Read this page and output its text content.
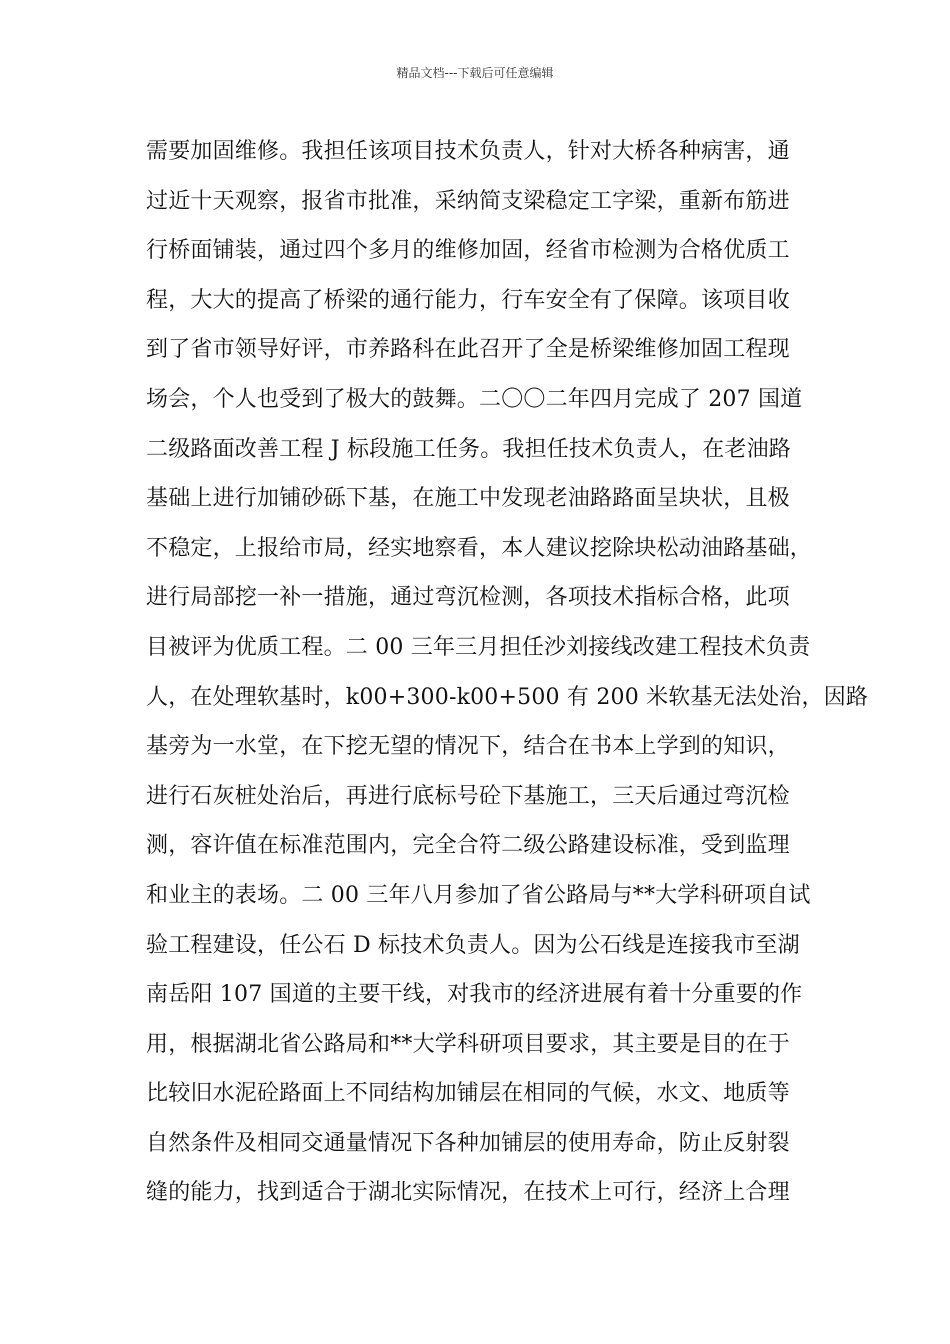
精品文档---下载后可任意编辑
需要加固维修。我担任该项目技术负责人，针对大桥各种病害，通
过近十天观察，报省市批准，采纳简支梁稳定工字梁，重新布筋进
行桥面铺装，通过四个多月的维修加固，经省市检测为合格优质工
程，大大的提高了桥梁的通行能力，行车安全有了保障。该项目收
到了省市领导好评，市养路科在此召开了全是桥梁维修加固工程现
场会，个人也受到了极大的鼓舞。二〇〇二年四月完成了 207 国道
二级路面改善工程 J 标段施工任务。我担任技术负责人，在老油路
基础上进行加铺砂砾下基，在施工中发现老油路路面呈块状，且极
不稳定，上报给市局，经实地察看，本人建议挖除块松动油路基础，
进行局部挖一补一措施，通过弯沉检测，各项技术指标合格，此项
目被评为优质工程。二 00 三年三月担任沙刘接线改建工程技术负责
人，在处理软基时，k00+300-k00+500 有 200 米软基无法处治，因路
基旁为一水堂，在下挖无望的情况下，结合在书本上学到的知识，
进行石灰桩处治后，再进行底标号砼下基施工，三天后通过弯沉检
测，容许值在标准范围内，完全合符二级公路建设标准，受到监理
和业主的表场。二 00 三年八月参加了省公路局与**大学科研项自试
验工程建设，任公石 D 标技术负责人。因为公石线是连接我市至湖
南岳阳 107 国道的主要干线，对我市的经济进展有着十分重要的作
用，根据湖北省公路局和**大学科研项目要求，其主要是目的在于
比较旧水泥砼路面上不同结构加铺层在相同的气候，水文、地质等
自然条件及相同交通量情况下各种加铺层的使用寿命，防止反射裂
缝的能力，找到适合于湖北实际情况，在技术上可行，经济上合理
